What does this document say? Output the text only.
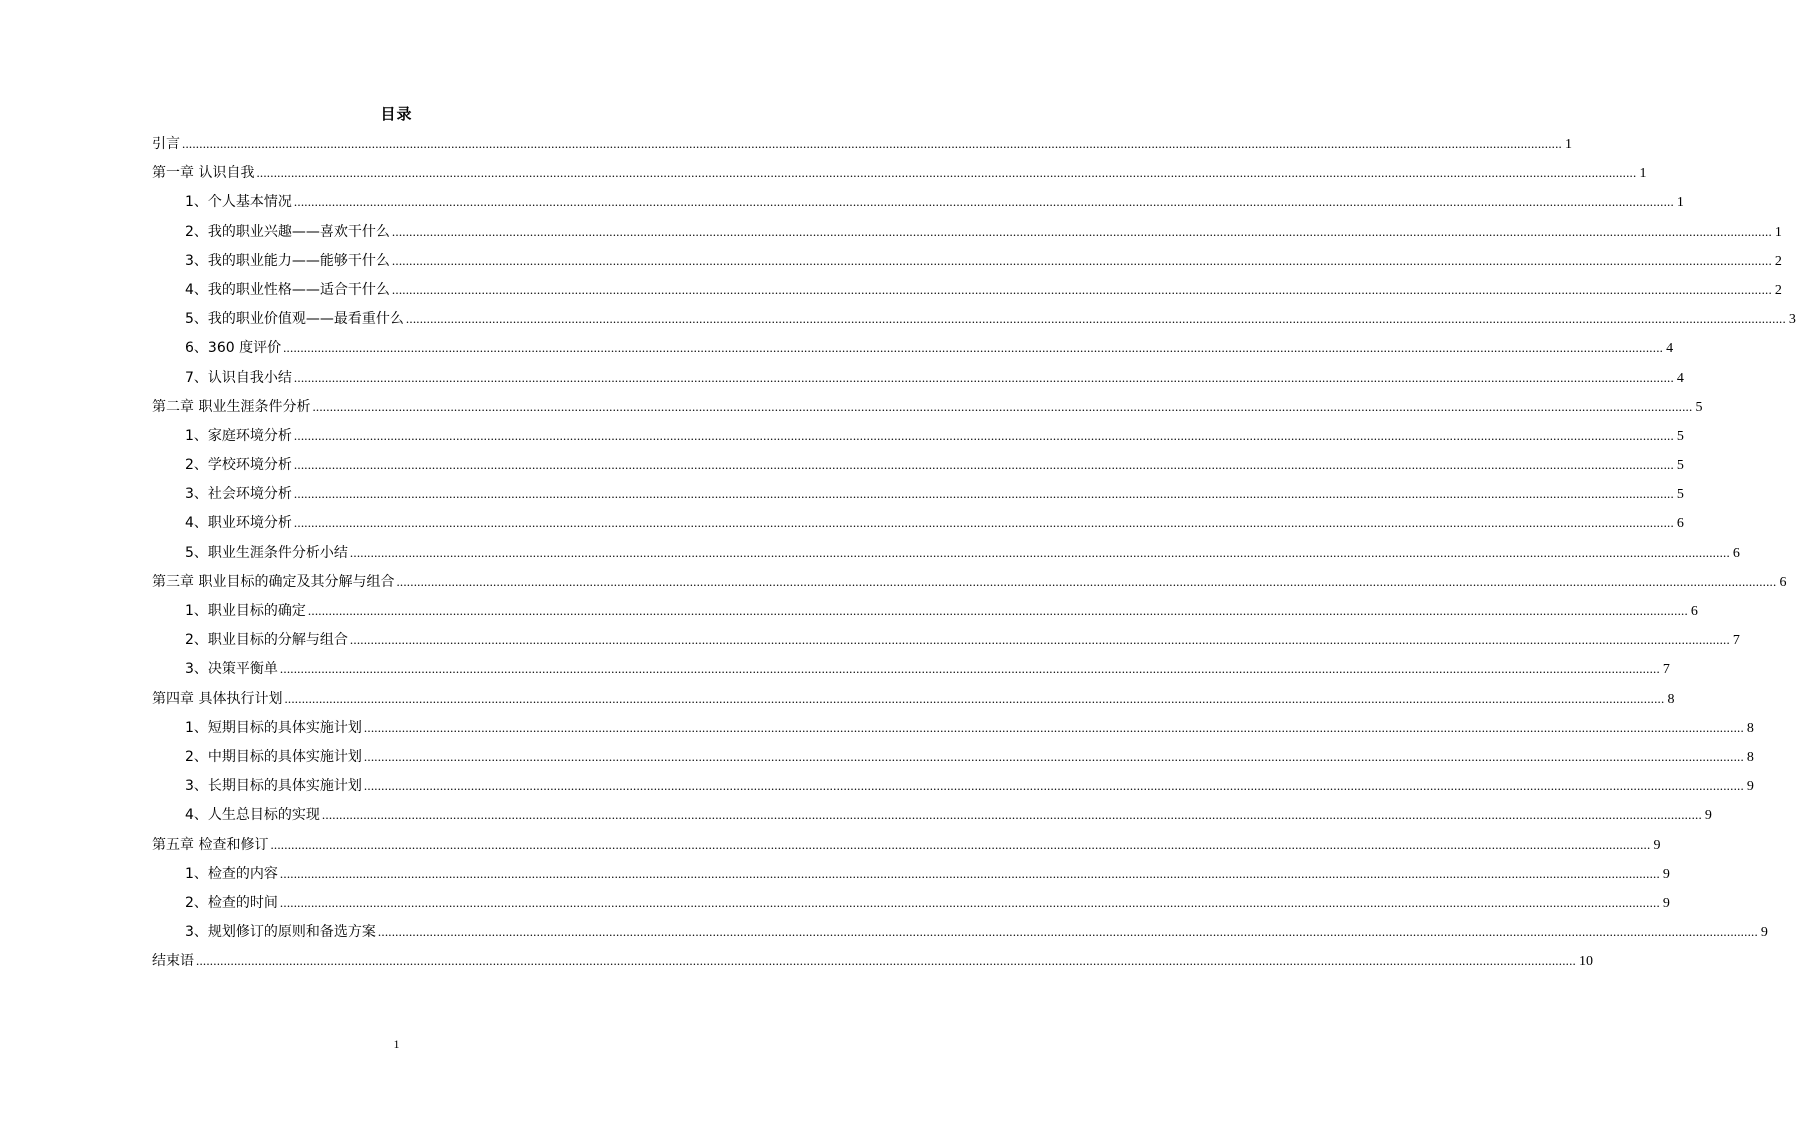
目录
引言 ................................................................................................................................................................................................................................................................................................................................................................................................................ 1
第一章 认识自我 ................................................................................................................................................................................................................................................................................................................................................................................................................ 1
1、个人基本情况 ................................................................................................................................................................................................................................................................................................................................................................................................................ 1
2、我的职业兴趣——喜欢干什么 ................................................................................................................................................................................................................................................................................................................................................................................................................ 1
3、我的职业能力——能够干什么 ................................................................................................................................................................................................................................................................................................................................................................................................................ 2
4、我的职业性格——适合干什么 ................................................................................................................................................................................................................................................................................................................................................................................................................ 2
5、我的职业价值观——最看重什么 ................................................................................................................................................................................................................................................................................................................................................................................................................ 3
6、360 度评价 ................................................................................................................................................................................................................................................................................................................................................................................................................ 4
7、认识自我小结 ................................................................................................................................................................................................................................................................................................................................................................................................................ 4
第二章 职业生涯条件分析 ................................................................................................................................................................................................................................................................................................................................................................................................................ 5
1、家庭环境分析 ................................................................................................................................................................................................................................................................................................................................................................................................................ 5
2、学校环境分析 ................................................................................................................................................................................................................................................................................................................................................................................................................ 5
3、社会环境分析 ................................................................................................................................................................................................................................................................................................................................................................................................................ 5
4、职业环境分析 ................................................................................................................................................................................................................................................................................................................................................................................................................ 6
5、职业生涯条件分析小结 ................................................................................................................................................................................................................................................................................................................................................................................................................ 6
第三章 职业目标的确定及其分解与组合 ................................................................................................................................................................................................................................................................................................................................................................................................................ 6
1、职业目标的确定 ................................................................................................................................................................................................................................................................................................................................................................................................................ 6
2、职业目标的分解与组合 ................................................................................................................................................................................................................................................................................................................................................................................................................ 7
3、决策平衡单 ................................................................................................................................................................................................................................................................................................................................................................................................................ 7
第四章 具体执行计划 ................................................................................................................................................................................................................................................................................................................................................................................................................ 8
1、短期目标的具体实施计划 ................................................................................................................................................................................................................................................................................................................................................................................................................ 8
2、中期目标的具体实施计划 ................................................................................................................................................................................................................................................................................................................................................................................................................ 8
3、长期目标的具体实施计划 ................................................................................................................................................................................................................................................................................................................................................................................................................ 9
4、人生总目标的实现 ................................................................................................................................................................................................................................................................................................................................................................................................................ 9
第五章 检查和修订 ................................................................................................................................................................................................................................................................................................................................................................................................................ 9
1、检查的内容 ................................................................................................................................................................................................................................................................................................................................................................................................................ 9
2、检查的时间 ................................................................................................................................................................................................................................................................................................................................................................................................................ 9
3、规划修订的原则和备选方案 ................................................................................................................................................................................................................................................................................................................................................................................................................ 9
结束语 ................................................................................................................................................................................................................................................................................................................................................................................................................ 10
1
